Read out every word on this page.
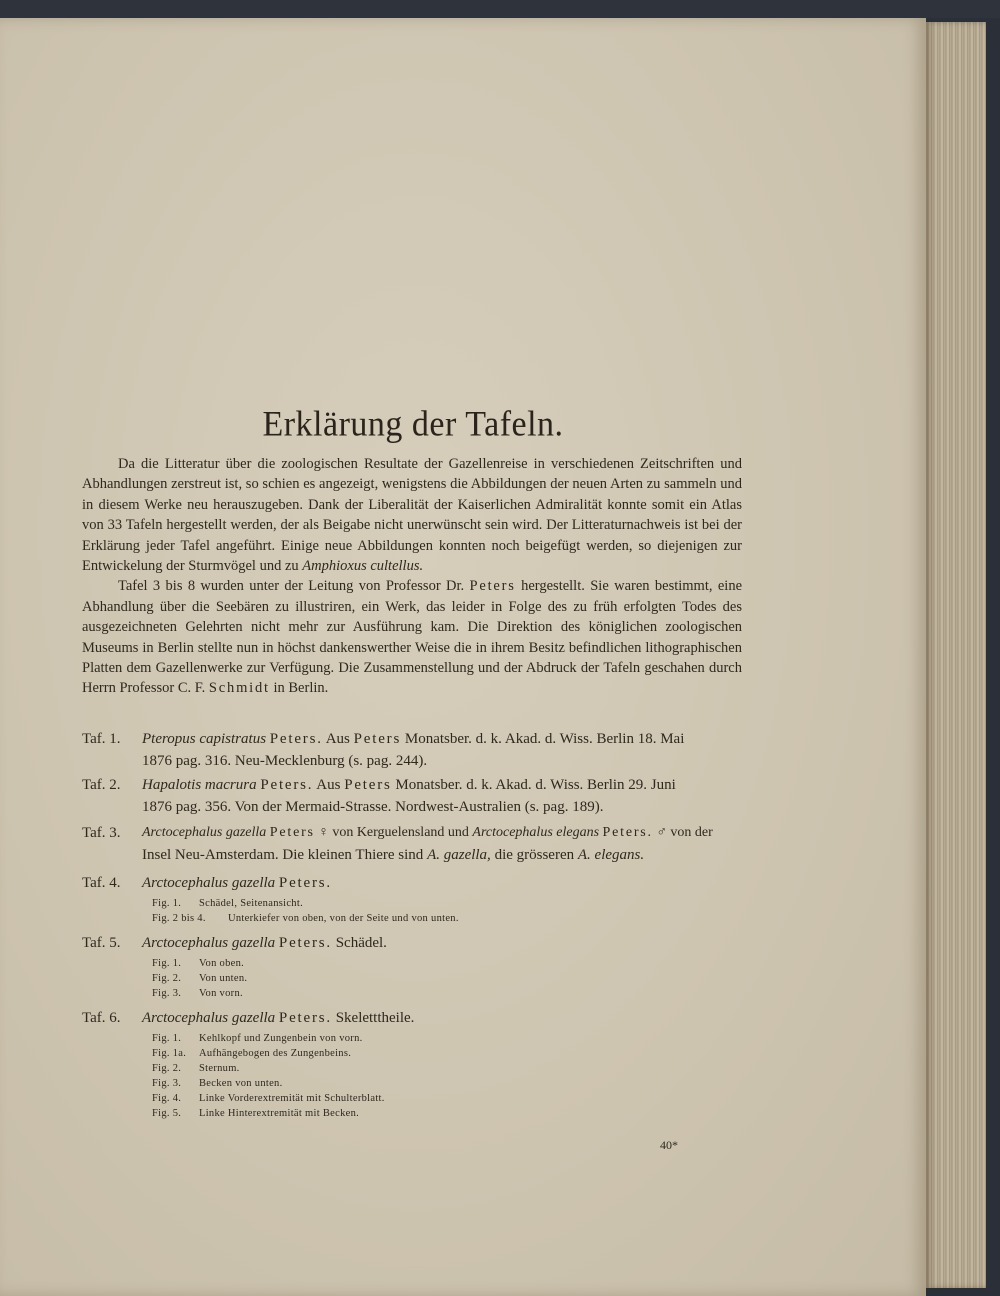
Erklärung der Tafeln.

Da die Litteratur über die zoologischen Resultate der Gazellenreise in verschiedenen Zeitschriften und Abhandlungen zerstreut ist, so schien es angezeigt, wenigstens die Abbildungen der neuen Arten zu sammeln und in diesem Werke neu herauszugeben. Dank der Liberalität der Kaiserlichen Admiralität konnte somit ein Atlas von 33 Tafeln hergestellt werden, der als Beigabe nicht unerwünscht sein wird. Der Litteraturnachweis ist bei der Erklärung jeder Tafel angeführt. Einige neue Abbildungen konnten noch beigefügt werden, so diejenigen zur Entwickelung der Sturmvögel und zu Amphioxus cultellus.

Tafel 3 bis 8 wurden unter der Leitung von Professor Dr. Peters hergestellt. Sie waren bestimmt, eine Abhandlung über die Seebären zu illustriren, ein Werk, das leider in Folge des zu früh erfolgten Todes des ausgezeichneten Gelehrten nicht mehr zur Ausführung kam. Die Direktion des königlichen zoologischen Museums in Berlin stellte nun in höchst dankenswerther Weise die in ihrem Besitz befindlichen lithographischen Platten dem Gazellenwerke zur Verfügung. Die Zusammenstellung und der Abdruck der Tafeln geschahen durch Herrn Professor C. F. Schmidt in Berlin.

Taf. 1.	Pteropus capistratus Peters. Aus Peters Monatsber. d. k. Akad. d. Wiss. Berlin 18. Mai
1876 pag. 316. Neu-Mecklenburg (s. pag. 244).
Taf. 2.	Hapalotis macrura Peters. Aus Peters Monatsber. d. k. Akad. d. Wiss. Berlin 29. Juni
1876 pag. 356. Von der Mermaid-Strasse. Nordwest-Australien (s. pag. 189).
Taf. 3.	Arctocephalus gazella Peters ♀ von Kerguelensland und Arctocephalus elegans Peters. ♂ von der
Insel Neu-Amsterdam. Die kleinen Thiere sind A. gazella, die grösseren A. elegans.
Taf. 4.	Arctocephalus gazella Peters.
Fig. 1.	Schädel, Seitenansicht.
Fig. 2 bis 4.	Unterkiefer von oben, von der Seite und von unten.
Taf. 5.	Arctocephalus gazella Peters. Schädel.
Fig. 1.	Von oben.
Fig. 2.	Von unten.
Fig. 3.	Von vorn.
Taf. 6.	Arctocephalus gazella Peters. Skeletttheile.
Fig. 1.	Kehlkopf und Zungenbein von vorn.
Fig. 1a.	Aufhängebogen des Zungenbeins.
Fig. 2.	Sternum.
Fig. 3.	Becken von unten.
Fig. 4.	Linke Vorderextremität mit Schulterblatt.
Fig. 5.	Linke Hinterextremität mit Becken.
40*
